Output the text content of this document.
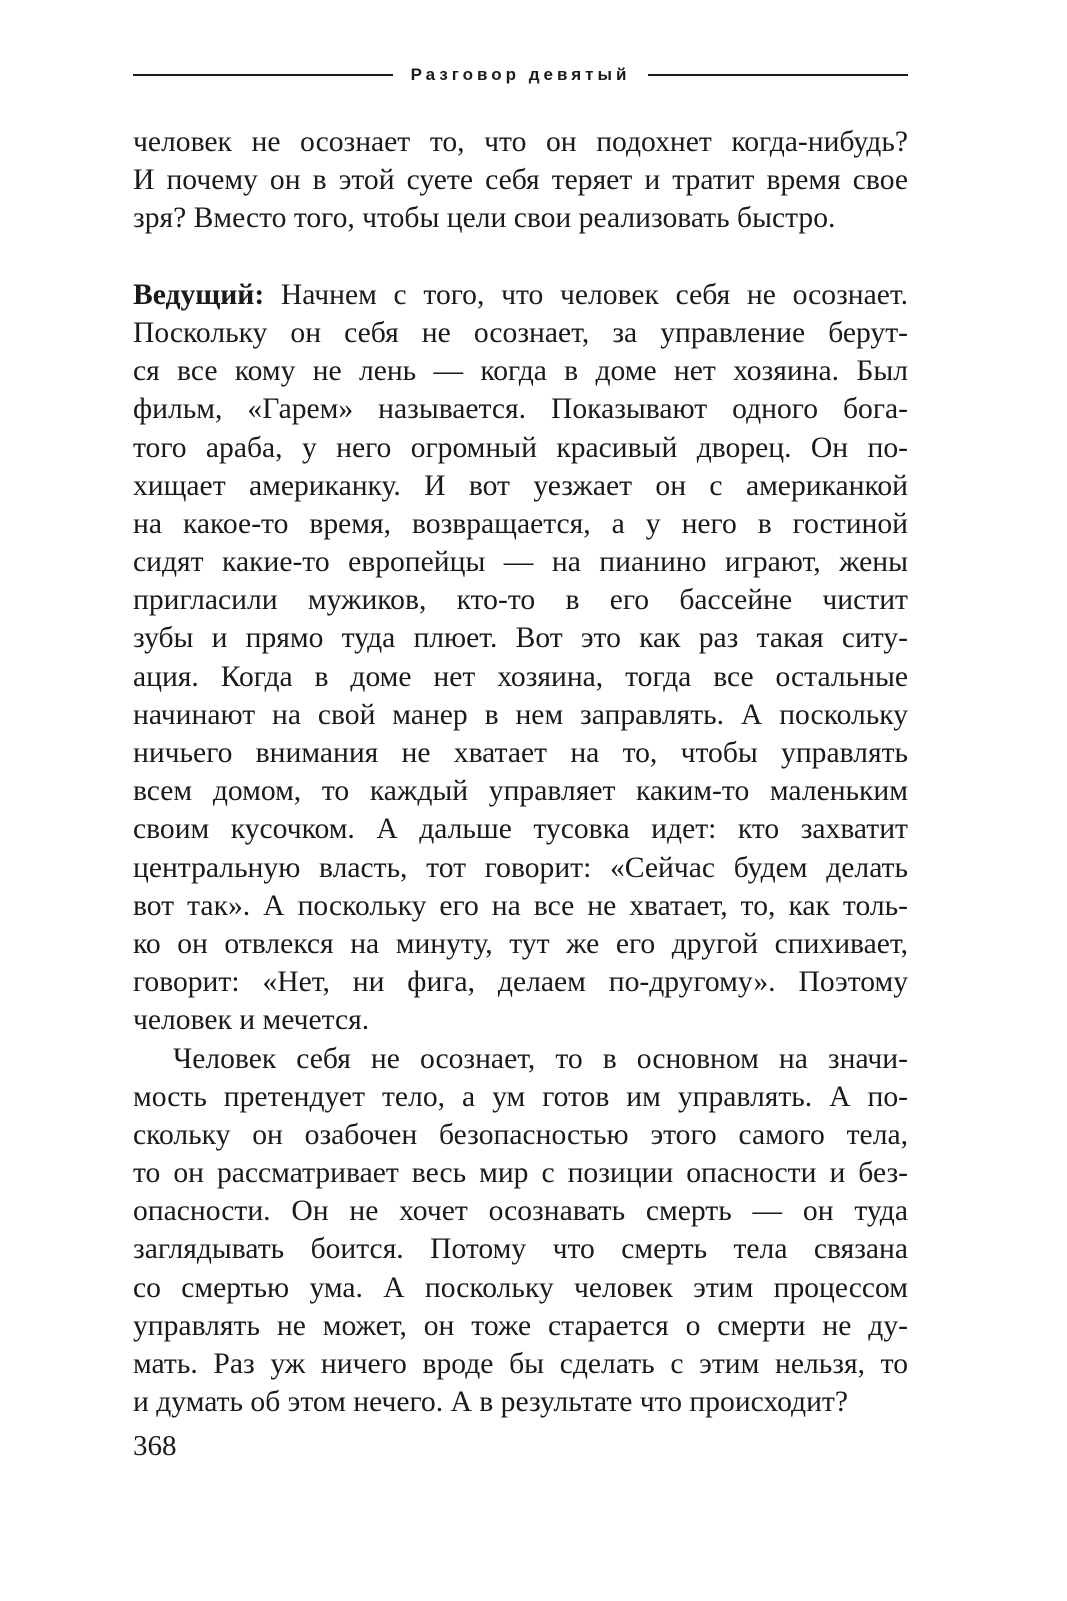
Разговор девятый
человек не осознает то, что он подохнет когда-нибудь?
И почему он в этой суете себя теряет и тратит время свое
зря? Вместо того, чтобы цели свои реализовать быстро.
Ведущий: Начнем с того, что человек себя не осознает.
Поскольку он себя не осознает, за управление берут-
ся все кому не лень — когда в доме нет хозяина. Был
фильм, «Гарем» называется. Показывают одного бога-
того араба, у него огромный красивый дворец. Он по-
хищает американку. И вот уезжает он с американкой
на какое-то время, возвращается, а у него в гостиной
сидят какие-то европейцы — на пианино играют, жены
пригласили мужиков, кто-то в его бассейне чистит
зубы и прямо туда плюет. Вот это как раз такая ситу-
ация. Когда в доме нет хозяина, тогда все остальные
начинают на свой манер в нем заправлять. А поскольку
ничьего внимания не хватает на то, чтобы управлять
всем домом, то каждый управляет каким-то маленьким
своим кусочком. А дальше тусовка идет: кто захватит
центральную власть, тот говорит: «Сейчас будем делать
вот так». А поскольку его на все не хватает, то, как толь-
ко он отвлекся на минуту, тут же его другой спихивает,
говорит: «Нет, ни фига, делаем по-другому». Поэтому
человек и мечется.
Человек себя не осознает, то в основном на значи-
мость претендует тело, а ум готов им управлять. А по-
скольку он озабочен безопасностью этого самого тела,
то он рассматривает весь мир с позиции опасности и без-
опасности. Он не хочет осознавать смерть — он туда
заглядывать боится. Потому что смерть тела связана
со смертью ума. А поскольку человек этим процессом
управлять не может, он тоже старается о смерти не ду-
мать. Раз уж ничего вроде бы сделать с этим нельзя, то
и думать об этом нечего. А в результате что происходит?
368
